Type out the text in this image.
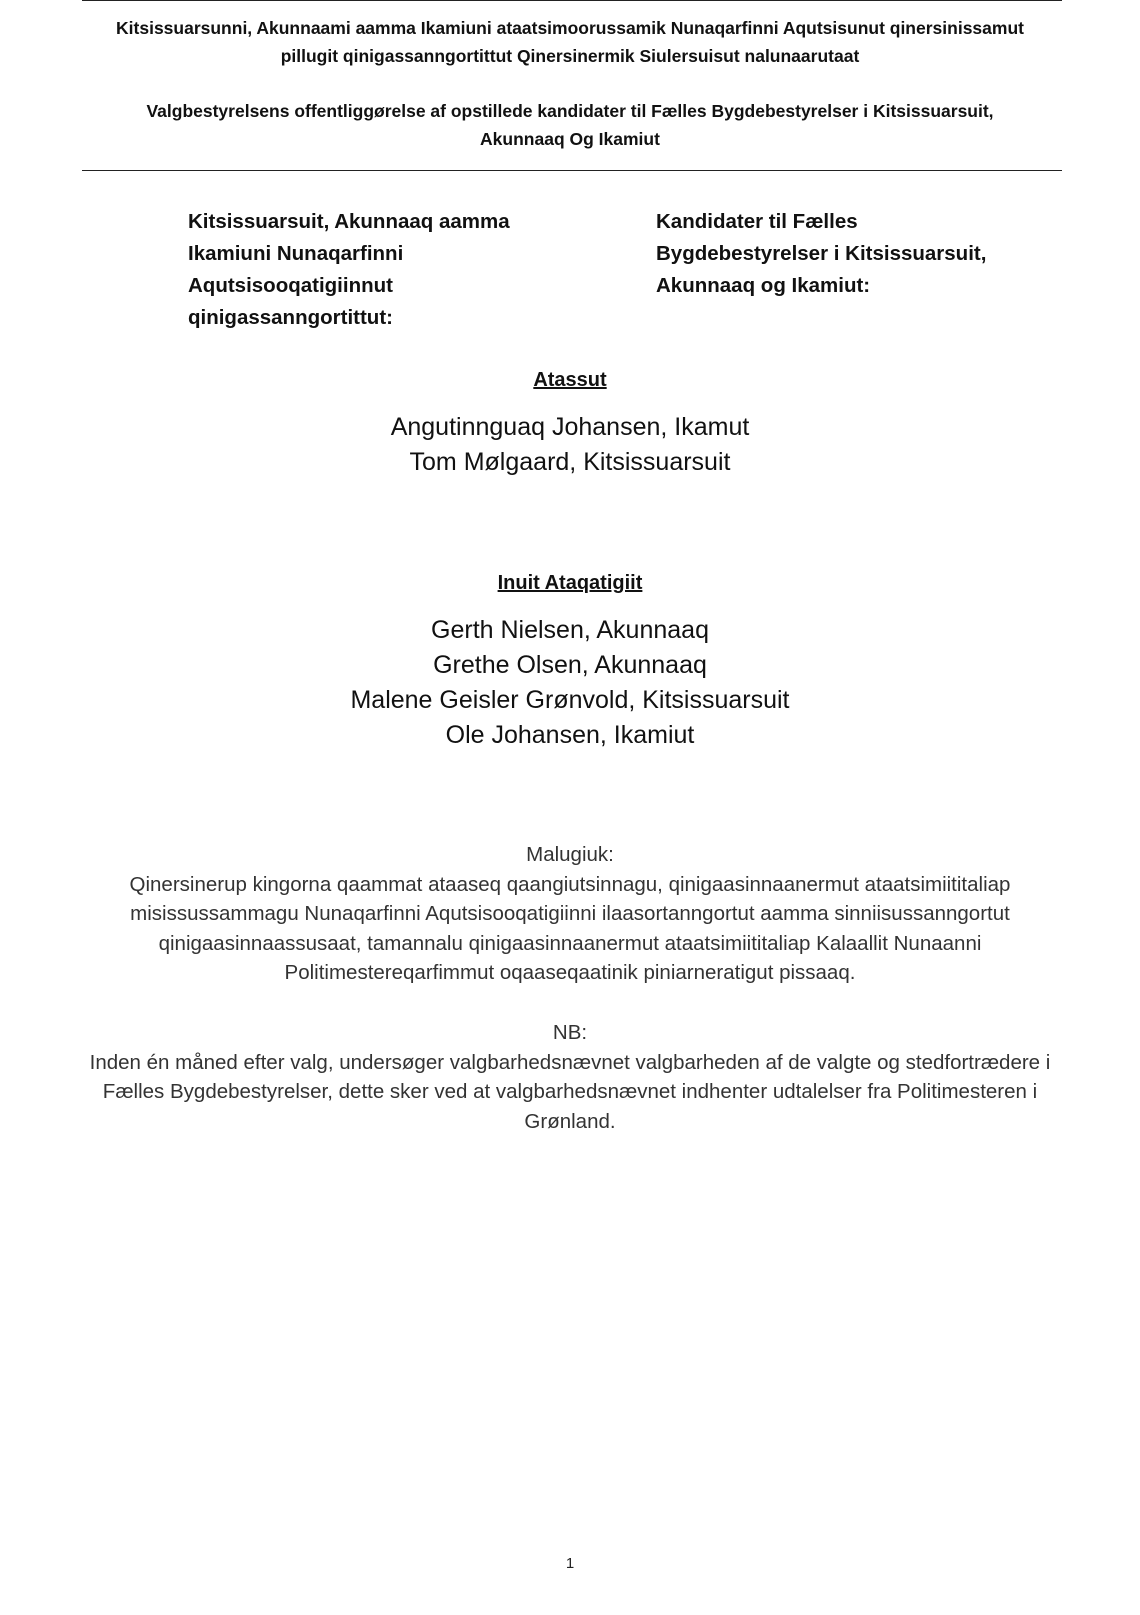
Kitsissuarsunni, Akunnaami aamma Ikamiuni ataatsimoorussamik Nunaqarfinni Aqutsisunut qinersinissamut
pillugit qinigassanngortittut Qinersinermik Siulersuisut nalunaarutaat
Valgbestyrelsens offentliggørelse af opstillede kandidater til Fælles Bygdebestyrelser i Kitsissuarsuit,
Akunnaaq Og Ikamiut
Kitsissuarsuit, Akunnaaq aamma
Ikamiuni Nunaqarfinni
Aqutsisooqatigiinnut
qinigassanngortittut:
Kandidater til Fælles
Bygdebestyrelser i Kitsissuarsuit,
Akunnaaq og Ikamiut:
Atassut
Angutinnguaq Johansen, Ikamut
Tom Mølgaard, Kitsissuarsuit
Inuit Ataqatigiit
Gerth Nielsen, Akunnaaq
Grethe Olsen, Akunnaaq
Malene Geisler Grønvold, Kitsissuarsuit
Ole Johansen, Ikamiut
Malugiuk:
Qinersinerup kingorna qaammat ataaseq qaangiutsinnagu, qinigaasinnaanermut ataatsimiititaliap
misissussammagu Nunaqarfinni Aqutsisooqatigiinni ilaasortanngortut aamma sinniisussanngortut
qinigaasinnaassusaat, tamannalu qinigaasinnaanermut ataatsimiititaliap Kalaallit Nunaanni
Politimestereqarfimmut oqaaseqaatinik piniarneratigut pissaaq.
NB:
Inden én måned efter valg, undersøger valgbarhedsnævnet valgbarheden af de valgte og stedfortrædere i
Fælles Bygdebestyrelser, dette sker ved at valgbarhedsnævnet indhenter udtalelser fra Politimesteren i
Grønland.
1
